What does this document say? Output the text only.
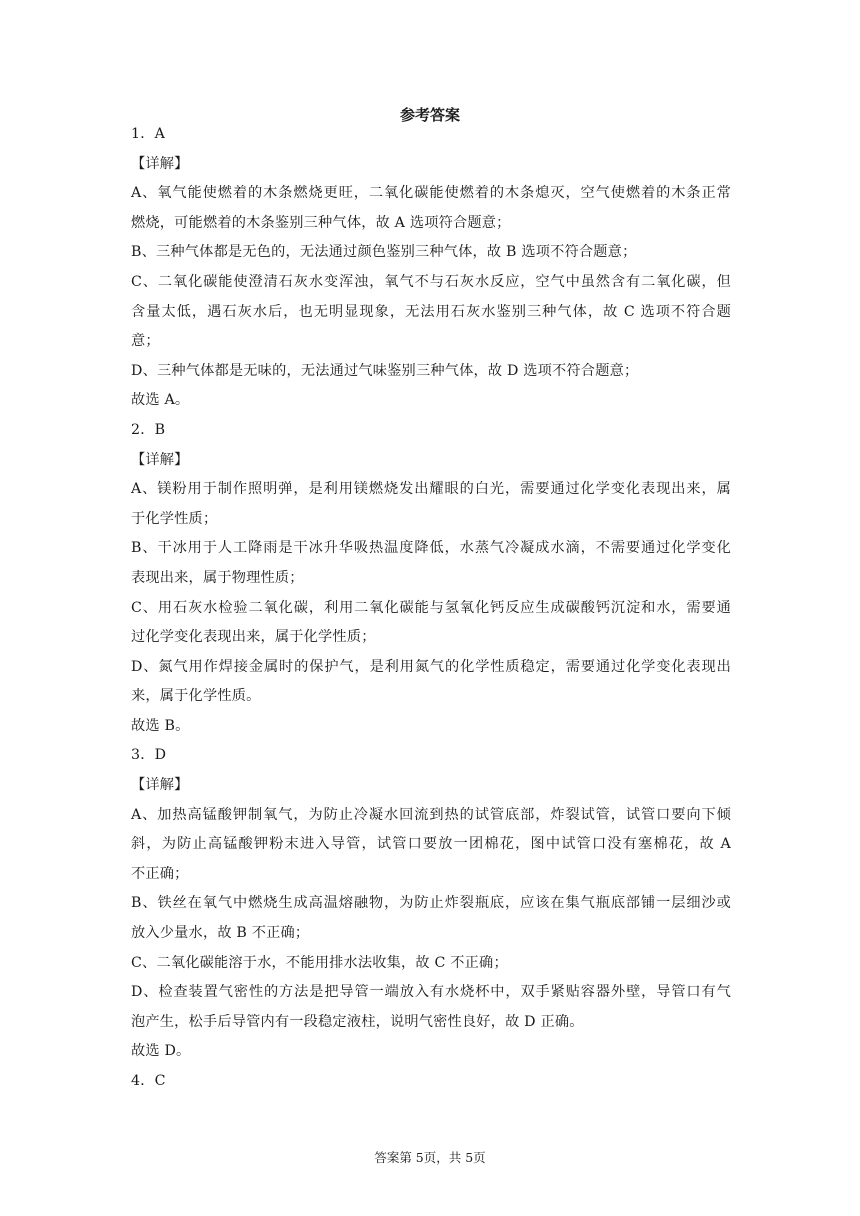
参考答案
1．A
【详解】
A、氧气能使燃着的木条燃烧更旺，二氧化碳能使燃着的木条熄灭，空气使燃着的木条正常
燃烧，可能燃着的木条鉴别三种气体，故 A 选项符合题意；
B、三种气体都是无色的，无法通过颜色鉴别三种气体，故 B 选项不符合题意；
C、二氧化碳能使澄清石灰水变浑浊，氧气不与石灰水反应，空气中虽然含有二氧化碳，但
含量太低，遇石灰水后，也无明显现象，无法用石灰水鉴别三种气体，故 C 选项不符合题
意；
D、三种气体都是无味的，无法通过气味鉴别三种气体，故 D 选项不符合题意；
故选 A。
2．B
【详解】
A、镁粉用于制作照明弹，是利用镁燃烧发出耀眼的白光，需要通过化学变化表现出来，属
于化学性质；
B、干冰用于人工降雨是干冰升华吸热温度降低，水蒸气冷凝成水滴，不需要通过化学变化
表现出来，属于物理性质；
C、用石灰水检验二氧化碳，利用二氧化碳能与氢氧化钙反应生成碳酸钙沉淀和水，需要通
过化学变化表现出来，属于化学性质；
D、氮气用作焊接金属时的保护气，是利用氮气的化学性质稳定，需要通过化学变化表现出
来，属于化学性质。
故选 B。
3．D
【详解】
A、加热高锰酸钾制氧气，为防止冷凝水回流到热的试管底部，炸裂试管，试管口要向下倾
斜，为防止高锰酸钾粉末进入导管，试管口要放一团棉花，图中试管口没有塞棉花，故 A
不正确；
B、铁丝在氧气中燃烧生成高温熔融物，为防止炸裂瓶底，应该在集气瓶底部铺一层细沙或
放入少量水，故 B 不正确；
C、二氧化碳能溶于水，不能用排水法收集，故 C 不正确；
D、检查装置气密性的方法是把导管一端放入有水烧杯中，双手紧贴容器外壁，导管口有气
泡产生，松手后导管内有一段稳定液柱，说明气密性良好，故 D 正确。
故选 D。
4．C
答案第 5页，共 5页
